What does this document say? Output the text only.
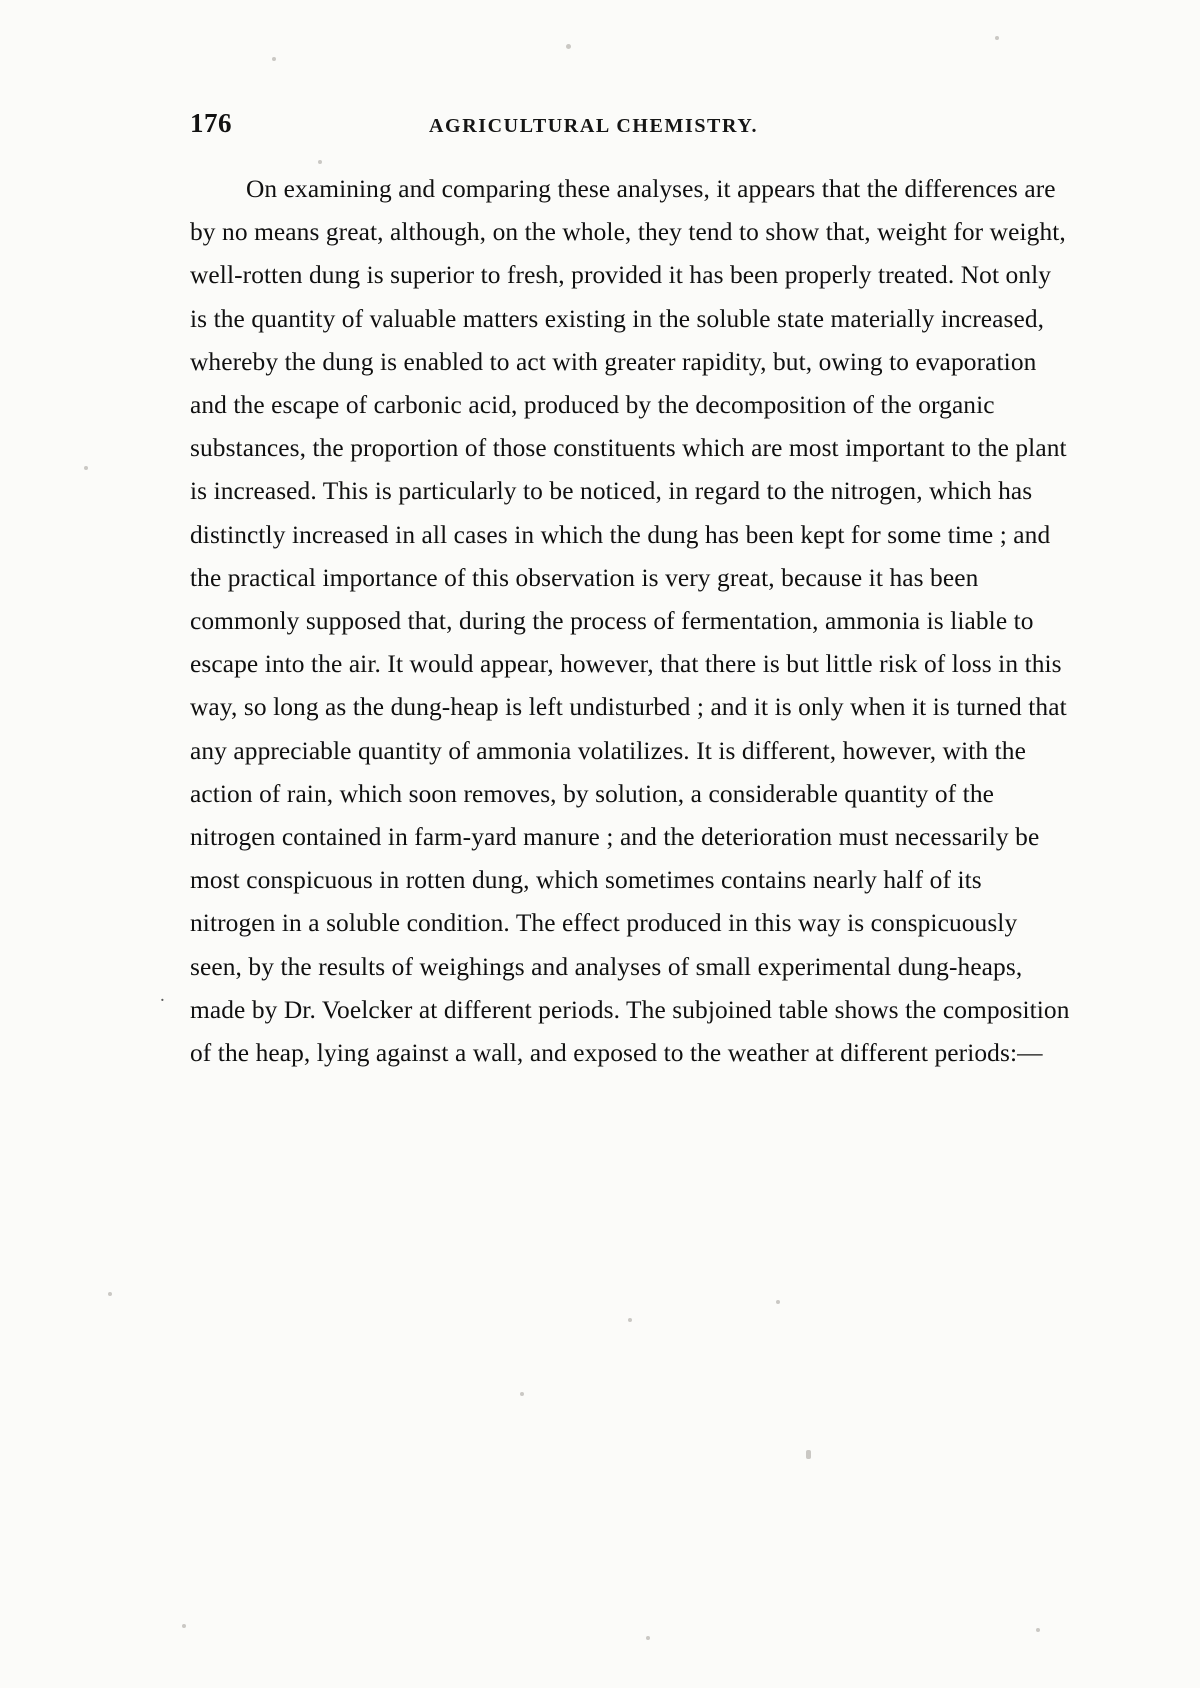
176	AGRICULTURAL CHEMISTRY.

On examining and comparing these analyses, it appears that the differences are by no means great, although, on the whole, they tend to show that, weight for weight, well-rotten dung is superior to fresh, provided it has been properly treated. Not only is the quantity of valuable matters existing in the soluble state materially increased, whereby the dung is enabled to act with greater rapidity, but, owing to evaporation and the escape of carbonic acid, produced by the decomposition of the organic substances, the proportion of those constituents which are most important to the plant is increased. This is particularly to be noticed, in regard to the nitrogen, which has distinctly increased in all cases in which the dung has been kept for some time ; and the practical importance of this observation is very great, because it has been commonly supposed that, during the process of fermentation, ammonia is liable to escape into the air. It would appear, however, that there is but little risk of loss in this way, so long as the dung-heap is left undisturbed ; and it is only when it is turned that any appreciable quantity of ammonia volatilizes. It is different, however, with the action of rain, which soon removes, by solution, a considerable quantity of the nitrogen contained in farm-yard manure ; and the deterioration must necessarily be most conspicuous in rotten dung, which sometimes contains nearly half of its nitrogen in a soluble condition. The effect produced in this way is conspicuously seen, by the results of weighings and analyses of small experimental dung-heaps, made by Dr. Voelcker at different periods. The subjoined table shows the composition of the heap, lying against a wall, and exposed to the weather at different periods:—

.
